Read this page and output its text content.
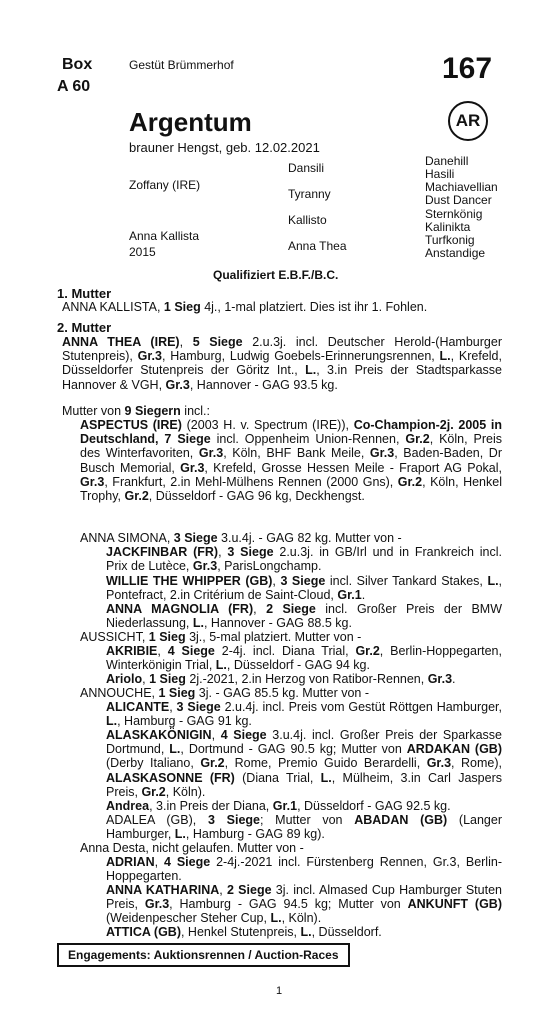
Box
A 60
Gestüt Brümmerhof	167
Argentum	AR
brauner Hengst, geb. 12.02.2021
Zoffany (IRE)
Anna Kallista
2015
Dansili
Tyranny
Kallisto
Anna Thea
Danehill
Hasili
Machiavellian
Dust Dancer
Sternkönig
Kalinikta
Turfkonig
Anstandige
Qualifiziert E.B.F./B.C.
1. Mutter
ANNA KALLISTA, 1 Sieg 4j., 1-mal platziert. Dies ist ihr 1. Fohlen.
2. Mutter
ANNA THEA (IRE), 5 Siege 2.u.3j. incl. Deutscher Herold-(Hamburger Stutenpreis), Gr.3, Hamburg, Ludwig Goebels-Erinnerungsrennen, L., Krefeld, Düsseldorfer Stutenpreis der Göritz Int., L., 3.in Preis der Stadtsparkasse Hannover & VGH, Gr.3, Hannover - GAG 93.5 kg.
Mutter von 9 Siegern incl.:
ASPECTUS (IRE) (2003 H. v. Spectrum (IRE)), Co-Champion-2j. 2005 in Deutschland, 7 Siege incl. Oppenheim Union-Rennen, Gr.2, Köln, Preis des Winterfavoriten, Gr.3, Köln, BHF Bank Meile, Gr.3, Baden-Baden, Dr Busch Memorial, Gr.3, Krefeld, Grosse Hessen Meile - Fraport AG Pokal, Gr.3, Frankfurt, 2.in Mehl-Mülhens Rennen (2000 Gns), Gr.2, Köln, Henkel Trophy, Gr.2, Düsseldorf - GAG 96 kg, Deckhengst.
ANNA SIMONA, 3 Siege 3.u.4j. - GAG 82 kg. Mutter von -
JACKFINBAR (FR), 3 Siege 2.u.3j. in GB/Irl und in Frankreich incl. Prix de Lutèce, Gr.3, ParisLongchamp.
WILLIE THE WHIPPER (GB), 3 Siege incl. Silver Tankard Stakes, L., Pontefract, 2.in Critérium de Saint-Cloud, Gr.1.
ANNA MAGNOLIA (FR), 2 Siege incl. Großer Preis der BMW Niederlassung, L., Hannover - GAG 88.5 kg.
AUSSICHT, 1 Sieg 3j., 5-mal platziert. Mutter von -
AKRIBIE, 4 Siege 2-4j. incl. Diana Trial, Gr.2, Berlin-Hoppegarten, Winterkönigin Trial, L., Düsseldorf - GAG 94 kg.
Ariolo, 1 Sieg 2j.-2021, 2.in Herzog von Ratibor-Rennen, Gr.3.
ANNOUCHE, 1 Sieg 3j. - GAG 85.5 kg. Mutter von -
ALICANTE, 3 Siege 2.u.4j. incl. Preis vom Gestüt Röttgen Hamburger, L., Hamburg - GAG 91 kg.
ALASKAKÖNIGIN, 4 Siege 3.u.4j. incl. Großer Preis der Sparkasse Dortmund, L., Dortmund - GAG 90.5 kg; Mutter von ARDAKAN (GB) (Derby Italiano, Gr.2, Rome, Premio Guido Berardelli, Gr.3, Rome), ALASKASONNE (FR) (Diana Trial, L., Mülheim, 3.in Carl Jaspers Preis, Gr.2, Köln).
Andrea, 3.in Preis der Diana, Gr.1, Düsseldorf - GAG 92.5 kg.
ADALEA (GB), 3 Siege; Mutter von ABADAN (GB) (Langer Hamburger, L., Hamburg - GAG 89 kg).
Anna Desta, nicht gelaufen. Mutter von -
ADRIAN, 4 Siege 2-4j.-2021 incl. Fürstenberg Rennen, Gr.3, Berlin-Hoppegarten.
ANNA KATHARINA, 2 Siege 3j. incl. Almased Cup Hamburger Stuten Preis, Gr.3, Hamburg - GAG 94.5 kg; Mutter von ANKUNFT (GB) (Weidenpescher Steher Cup, L., Köln).
ATTICA (GB), Henkel Stutenpreis, L., Düsseldorf.
Engagements: Auktionsrennen / Auction-Races
1
